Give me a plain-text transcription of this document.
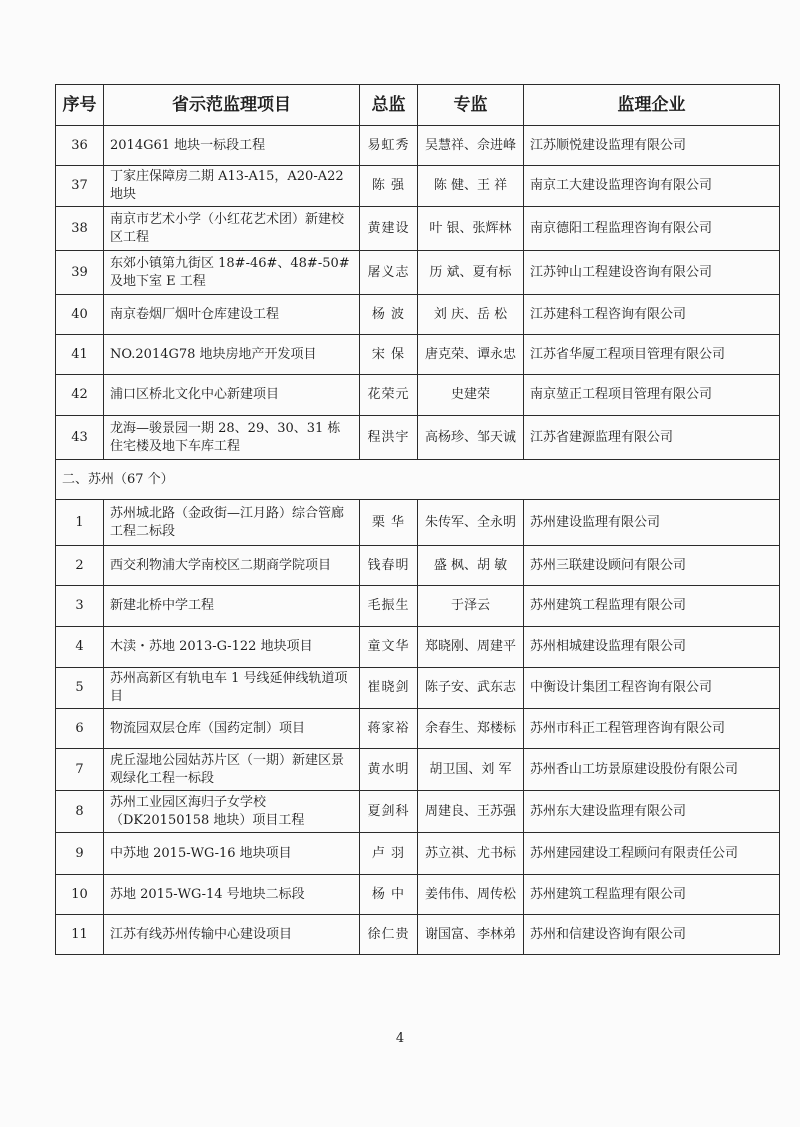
序号	省示范监理项目	总监	专监	监理企业
36	2014G61 地块一标段工程	易虹秀	吴慧祥、佘进峰	江苏顺悦建设监理有限公司
37	丁家庄保障房二期 A13-A15，A20-A22 地块	陈 强	陈 健、王 祥	南京工大建设监理咨询有限公司
38	南京市艺术小学（小红花艺术团）新建校区工程	黄建设	叶 银、张辉林	南京德阳工程监理咨询有限公司
39	东郊小镇第九街区 18#-46#、48#-50#及地下室 E 工程	屠义志	历 斌、夏有标	江苏钟山工程建设咨询有限公司
40	南京卷烟厂烟叶仓库建设工程	杨 波	刘 庆、岳 松	江苏建科工程咨询有限公司
41	NO.2014G78 地块房地产开发项目	宋 保	唐克荣、谭永忠	江苏省华厦工程项目管理有限公司
42	浦口区桥北文化中心新建项目	花荣元	史建荣	南京堃正工程项目管理有限公司
43	龙海—骏景园一期 28、29、30、31 栋住宅楼及地下车库工程	程洪宇	高杨珍、邹天诚	江苏省建源监理有限公司
二、苏州（67 个）				
1	苏州城北路（金政街—江月路）综合管廊工程二标段	栗 华	朱传军、全永明	苏州建设监理有限公司
2	西交利物浦大学南校区二期商学院项目	钱春明	盛 枫、胡 敏	苏州三联建设顾问有限公司
3	新建北桥中学工程	毛振生	于泽云	苏州建筑工程监理有限公司
4	木渎・苏地 2013-G-122 地块项目	童文华	郑晓刚、周建平	苏州相城建设监理有限公司
5	苏州高新区有轨电车 1 号线延伸线轨道项目	崔晓剑	陈子安、武东志	中衡设计集团工程咨询有限公司
6	物流园双层仓库（国药定制）项目	蒋家裕	余春生、郑楼标	苏州市科正工程管理咨询有限公司
7	虎丘湿地公园姑苏片区（一期）新建区景观绿化工程一标段	黄水明	胡卫国、刘 军	苏州香山工坊景原建设股份有限公司
8	苏州工业园区海归子女学校（DK20150158 地块）项目工程	夏剑科	周建良、王苏强	苏州东大建设监理有限公司
9	中苏地 2015-WG-16 地块项目	卢 羽	苏立祺、尤书标	苏州建园建设工程顾问有限责任公司
10	苏地 2015-WG-14 号地块二标段	杨 中	姜伟伟、周传松	苏州建筑工程监理有限公司
11	江苏有线苏州传输中心建设项目	徐仁贵	谢国富、李林弟	苏州和信建设咨询有限公司
4
